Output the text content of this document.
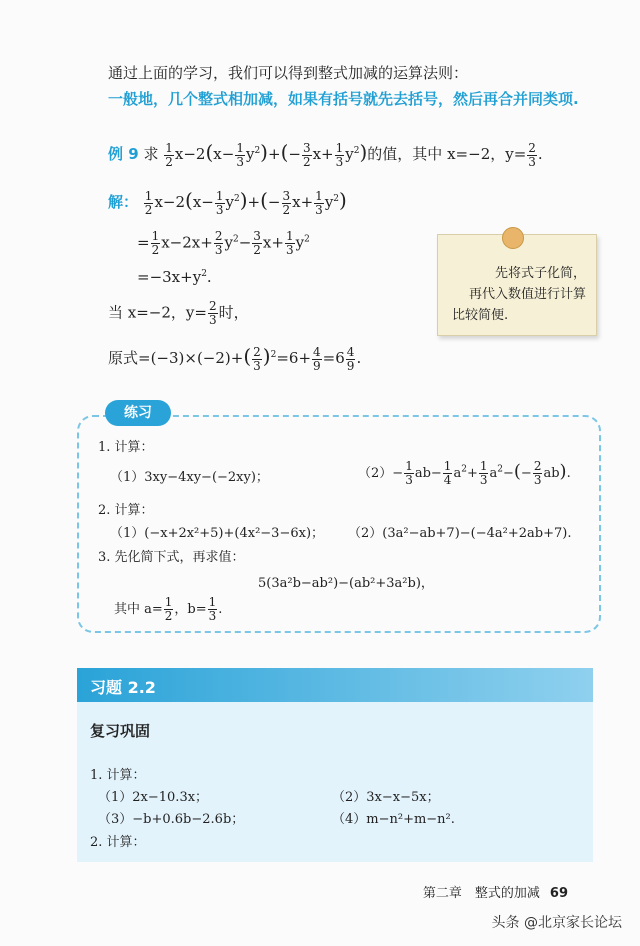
通过上面的学习，我们可以得到整式加减的运算法则：
一般地，几个整式相加减，如果有括号就先去括号，然后再合并同类项.
例 9 求 $\frac{1}{2} x-2(x- \frac{1}{3} y^2)+(- \frac{3}{2} x+ \frac{1}{3} y^2)$的值，其中 x=−2，$y= \frac{2}{3}$ .
解： $\frac{1}{2} x-2(x- \frac{1}{3} y^2)+(- \frac{3}{2} x+ \frac{1}{3} y^2)$
= $\frac{1}{2} x-2x+ \frac{2}{3} y^2- \frac{3}{2} x+ \frac{1}{3} y^2$
$=-3x+y^2$.
当 x=−2，$y= \frac{2}{3}$ 时，
原式$=(-3)\times(-2)+( \frac{2}{3} )^2=6+ \frac{4}{9} =6 \frac{4}{9}$ .
先将式子化简，
再代入数值进行计算
比较简便.
练习
1. 计算：
（1）3xy−4xy−(−2xy)；	$(2)- \frac{1}{3} ab- \frac{1}{4} a^2+ \frac{1}{3} a^2-(- \frac{2}{3} ab)$.
2. 计算：
（1）(−x+2x²+5)+(4x²−3−6x)； （2）(3a²−ab+7)−(−4a²+2ab+7).
3. 先化简下式，再求值：
5(3a²b−ab²)−(ab²+3a²b)，
其中 $a= \frac{1}{2}$ ，$b= \frac{1}{3}$ .
习题 2.2
复习巩固
1. 计算：
（1）2x−10.3x；	（2）3x−x−5x；
（3）−b+0.6b−2.6b；	（4）m−n²+m−n².
2. 计算：
第二章　整式的加减 69
头条 @北京家长论坛
